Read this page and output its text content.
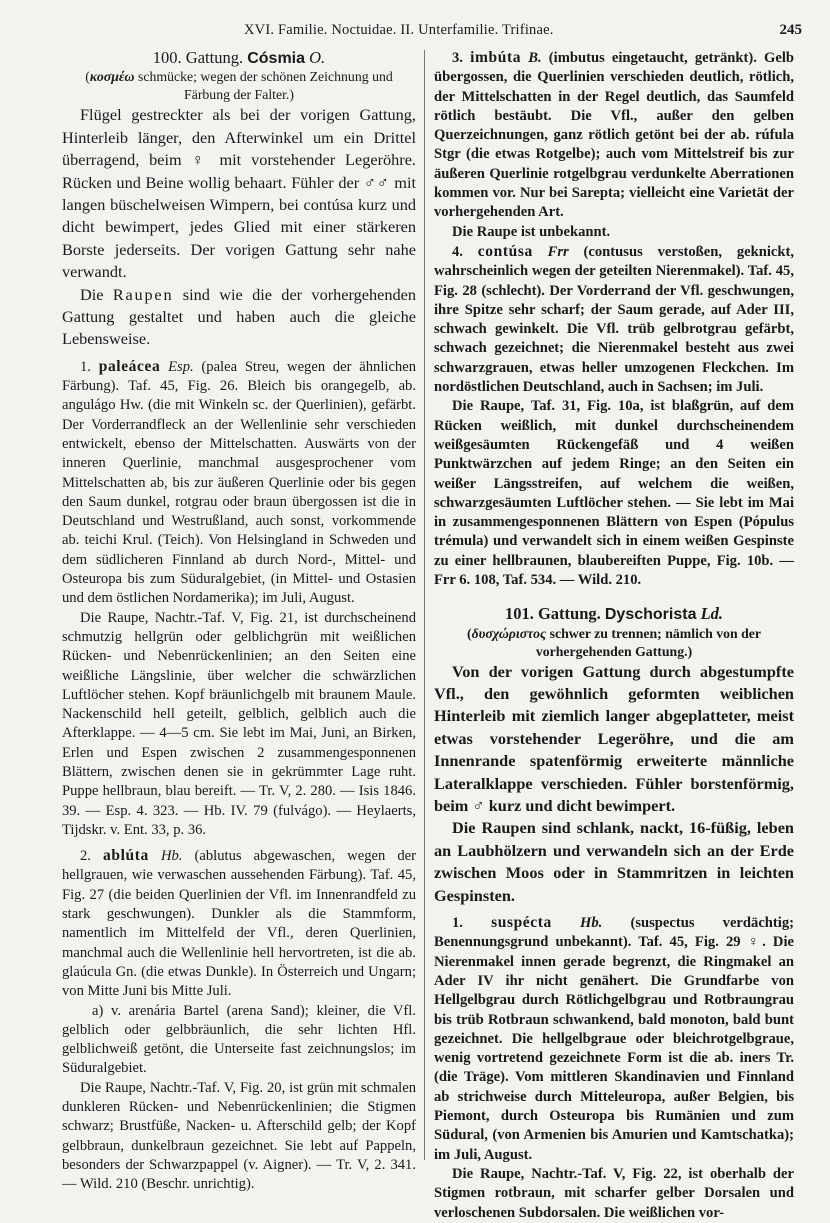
XVI. Familie. Noctuidae. II. Unterfamilie. Trifinae.	245

100. Gattung. Cósmia O.

(κοσμέω schmücke; wegen der schönen Zeichnung und
Färbung der Falter.)

Flügel gestreckter als bei der vorigen Gattung, Hinterleib länger, den Afterwinkel um ein Drittel überragend, beim ♀ mit vorstehender Legeröhre. Rücken und Beine wollig behaart. Fühler der ♂♂ mit langen büschelweisen Wimpern, bei contúsa kurz und dicht bewimpert, jedes Glied mit einer stärkeren Borste jederseits. Der vorigen Gattung sehr nahe verwandt.

Die Raupen sind wie die der vorhergehenden Gattung gestaltet und haben auch die gleiche Lebensweise.

1. paleácea Esp. (palea Streu, wegen der ähnlichen Färbung). Taf. 45, Fig. 26. Bleich bis orangegelb, ab. angulágo Hw. (die mit Winkeln sc. der Querlinien), gefärbt. Der Vorderrandfleck an der Wellenlinie sehr verschieden entwickelt, ebenso der Mittelschatten. Auswärts von der inneren Querlinie, manchmal ausgesprochener vom Mittelschatten ab, bis zur äußeren Querlinie oder bis gegen den Saum dunkel, rotgrau oder braun übergossen ist die in Deutschland und Westrußland, auch sonst, vorkommende ab. teichi Krul. (Teich). Von Helsingland in Schweden und dem südlicheren Finnland ab durch Nord-, Mittel- und Osteuropa bis zum Süduralgebiet, (in Mittel- und Ostasien und dem östlichen Nordamerika); im Juli, August.

Die Raupe, Nachtr.-Taf. V, Fig. 21, ist durchscheinend schmutzig hellgrün oder gelblichgrün mit weißlichen Rücken- und Nebenrückenlinien; an den Seiten eine weißliche Längslinie, über welcher die schwärzlichen Luftlöcher stehen. Kopf bräunlichgelb mit braunem Maule. Nackenschild hell geteilt, gelblich, gelblich auch die Afterklappe. — 4—5 cm. Sie lebt im Mai, Juni, an Birken, Erlen und Espen zwischen 2 zusammengesponnenen Blättern, zwischen denen sie in gekrümmter Lage ruht. Puppe hellbraun, blau bereift. — Tr. V, 2. 280. — Isis 1846. 39. — Esp. 4. 323. — Hb. IV. 79 (fulvágo). — Heylaerts, Tijdskr. v. Ent. 33, p. 36.

2. ablúta Hb. (ablutus abgewaschen, wegen der hellgrauen, wie verwaschen aussehenden Färbung). Taf. 45, Fig. 27 (die beiden Querlinien der Vfl. im Innenrandfeld zu stark geschwungen). Dunkler als die Stammform, namentlich im Mittelfeld der Vfl., deren Querlinien, manchmal auch die Wellenlinie hell hervortreten, ist die ab. glaúcula Gn. (die etwas Dunkle). In Österreich und Ungarn; von Mitte Juni bis Mitte Juli.

a) v. arenária Bartel (arena Sand); kleiner, die Vfl. gelblich oder gelbbräunlich, die sehr lichten Hfl. gelblichweiß getönt, die Unterseite fast zeichnungslos; im Süduralgebiet.

Die Raupe, Nachtr.-Taf. V, Fig. 20, ist grün mit schmalen dunkleren Rücken- und Nebenrückenlinien; die Stigmen schwarz; Brustfüße, Nacken- u. Afterschild gelb; der Kopf gelbbraun, dunkelbraun gezeichnet. Sie lebt auf Pappeln, besonders der Schwarzpappel (v. Aigner). — Tr. V, 2. 341. — Wild. 210 (Beschr. unrichtig).

3. imbúta B. (imbutus eingetaucht, getränkt). Gelb übergossen, die Querlinien verschieden deutlich, rötlich, der Mittelschatten in der Regel deutlich, das Saumfeld rötlich bestäubt. Die Vfl., außer den gelben Querzeichnungen, ganz rötlich getönt bei der ab. rúfula Stgr (die etwas Rotgelbe); auch vom Mittelstreif bis zur äußeren Querlinie rotgelbgrau verdunkelte Aberrationen kommen vor. Nur bei Sarepta; vielleicht eine Varietät der vorhergehenden Art.

Die Raupe ist unbekannt.

4. contúsa Frr (contusus verstoßen, geknickt, wahrscheinlich wegen der geteilten Nierenmakel). Taf. 45, Fig. 28 (schlecht). Der Vorderrand der Vfl. geschwungen, ihre Spitze sehr scharf; der Saum gerade, auf Ader III, schwach gewinkelt. Die Vfl. trüb gelbrotgrau gefärbt, schwach gezeichnet; die Nierenmakel besteht aus zwei schwarzgrauen, etwas heller umzogenen Fleckchen. Im nordöstlichen Deutschland, auch in Sachsen; im Juli.

Die Raupe, Taf. 31, Fig. 10a, ist blaßgrün, auf dem Rücken weißlich, mit dunkel durchscheinendem weißgesäumten Rückengefäß und 4 weißen Punktwärzchen auf jedem Ringe; an den Seiten ein weißer Längsstreifen, auf welchem die weißen, schwarzgesäumten Luftlöcher stehen. — Sie lebt im Mai in zusammengesponnenen Blättern von Espen (Pópulus trémula) und verwandelt sich in einem weißen Gespinste zu einer hellbraunen, blaubereiften Puppe, Fig. 10b. — Frr 6. 108, Taf. 534. — Wild. 210.

101. Gattung. Dyschorista Ld.

(δυσχώριστος schwer zu trennen; nämlich von der
vorhergehenden Gattung.)

Von der vorigen Gattung durch abgestumpfte Vfl., den gewöhnlich geformten weiblichen Hinterleib mit ziemlich langer abgeplatteter, meist etwas vorstehender Legeröhre, und die am Innenrande spatenförmig erweiterte männliche Lateralklappe verschieden. Fühler borstenförmig, beim ♂ kurz und dicht bewimpert.

Die Raupen sind schlank, nackt, 16-füßig, leben an Laubhölzern und verwandeln sich an der Erde zwischen Moos oder in Stammritzen in leichten Gespinsten.

1. suspécta Hb. (suspectus verdächtig; Benennungsgrund unbekannt). Taf. 45, Fig. 29 ♀. Die Nierenmakel innen gerade begrenzt, die Ringmakel an Ader IV ihr nicht genähert. Die Grundfarbe von Hellgelbgrau durch Rötlichgelbgrau und Rotbraungrau bis trüb Rotbraun schwankend, bald monoton, bald bunt gezeichnet. Die hellgelbgraue oder bleichrotgelbgraue, wenig vortretend gezeichnete Form ist die ab. iners Tr. (die Träge). Vom mittleren Skandinavien und Finnland ab strichweise durch Mitteleuropa, außer Belgien, bis Piemont, durch Osteuropa bis Rumänien und zum Südural, (von Armenien bis Amurien und Kamtschatka); im Juli, August.

Die Raupe, Nachtr.-Taf. V, Fig. 22, ist oberhalb der Stigmen rotbraun, mit scharfer gelber Dorsalen und verloschenen Subdorsalen. Die weißlichen vor-
